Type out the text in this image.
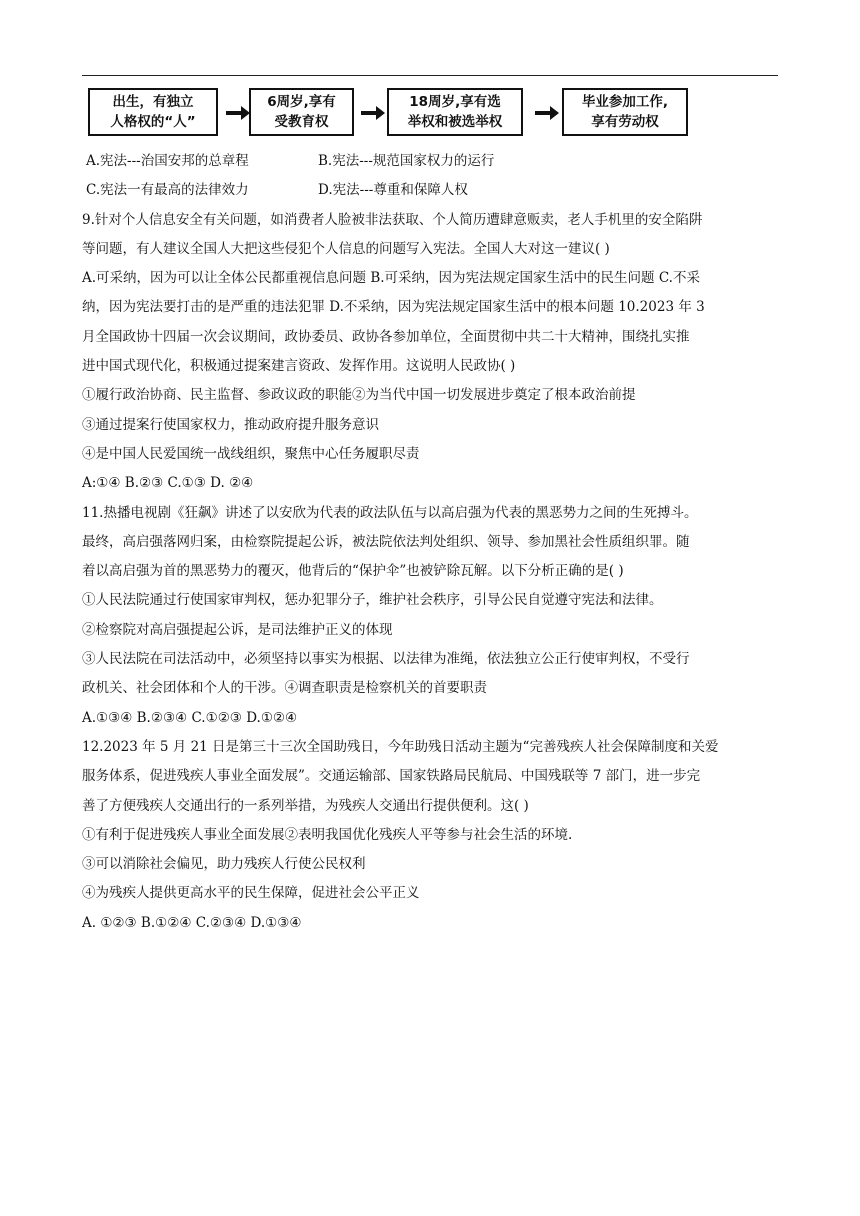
出生，有独立
人格权的“人”
6周岁,享有
受教育权
18周岁,享有选
举权和被选举权
毕业参加工作,
享有劳动权
A.宪法---治国安邦的总章程	B.宪法---规范国家权力的运行
C.宪法一有最高的法律效力	D.宪法---尊重和保障人权
9.针对个人信息安全有关问题，如消费者人脸被非法获取、个人简历遭肆意贩卖，老人手机里的安全陷阱
等问题，有人建议全国人大把这些侵犯个人信息的问题写入宪法。全国人大对这一建议( )
A.可采纳，因为可以让全体公民都重视信息问题 B.可采纳，因为宪法规定国家生活中的民生问题 C.不采
纳，因为宪法要打击的是严重的违法犯罪 D.不采纳，因为宪法规定国家生活中的根本问题 10.2023 年 3
月全国政协十四届一次会议期间，政协委员、政协各参加单位，全面贯彻中共二十大精神，围绕扎实推
进中国式现代化，积极通过提案建言资政、发挥作用。这说明人民政协( )
①履行政治协商、民主监督、参政议政的职能②为当代中国一切发展进步奠定了根本政治前提
③通过提案行使国家权力，推动政府提升服务意识
④是中国人民爱国统一战线组织，聚焦中心任务履职尽责
A:①④ B.②③ C.①③ D. ②④
11.热播电视剧《狂飙》讲述了以安欣为代表的政法队伍与以高启强为代表的黑恶势力之间的生死搏斗。
最终，高启强落网归案，由检察院提起公诉，被法院依法判处组织、领导、参加黑社会性质组织罪。随
着以高启强为首的黑恶势力的覆灭，他背后的“保护伞”也被铲除瓦解。以下分析正确的是( )
①人民法院通过行使国家审判权，惩办犯罪分子，维护社会秩序，引导公民自觉遵守宪法和法律。
②检察院对高启强提起公诉，是司法维护正义的体现
③人民法院在司法活动中，必须坚持以事实为根据、以法律为准绳，依法独立公正行使审判权，不受行
政机关、社会团体和个人的干涉。④调查职责是检察机关的首要职责
A.①③④ B.②③④ C.①②③ D.①②④
12.2023 年 5 月 21 日是第三十三次全国助残日，今年助残日活动主题为“完善残疾人社会保障制度和关爱
服务体系，促进残疾人事业全面发展”。交通运输部、国家铁路局民航局、中国残联等 7 部门，进一步完
善了方便残疾人交通出行的一系列举措，为残疾人交通出行提供便利。这( )
①有利于促进残疾人事业全面发展②表明我国优化残疾人平等参与社会生活的环境.
③可以消除社会偏见，助力残疾人行使公民权利
④为残疾人提供更高水平的民生保障，促进社会公平正义
A. ①②③ B.①②④ C.②③④ D.①③④
